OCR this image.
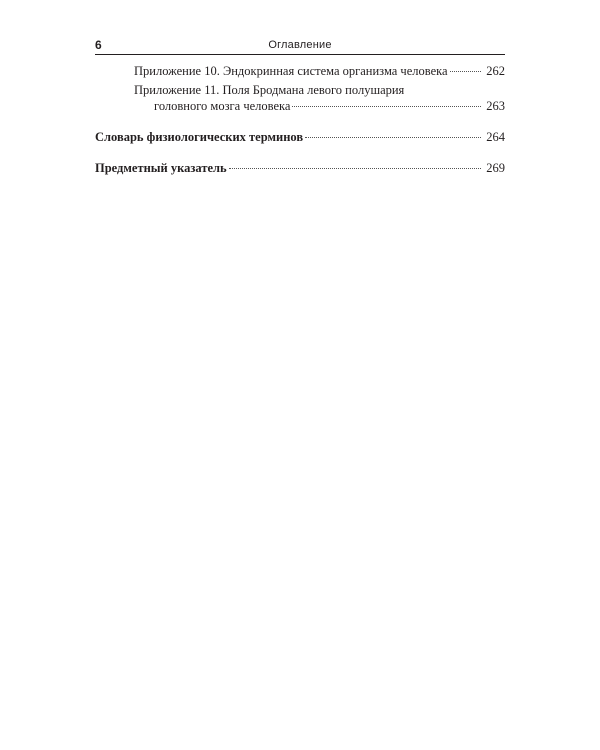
6	Оглавление
Приложение 10. Эндокринная система организма человека	262
Приложение 11. Поля Бродмана левого полушария
головного мозга человека	263
Словарь физиологических терминов	264
Предметный указатель	269
